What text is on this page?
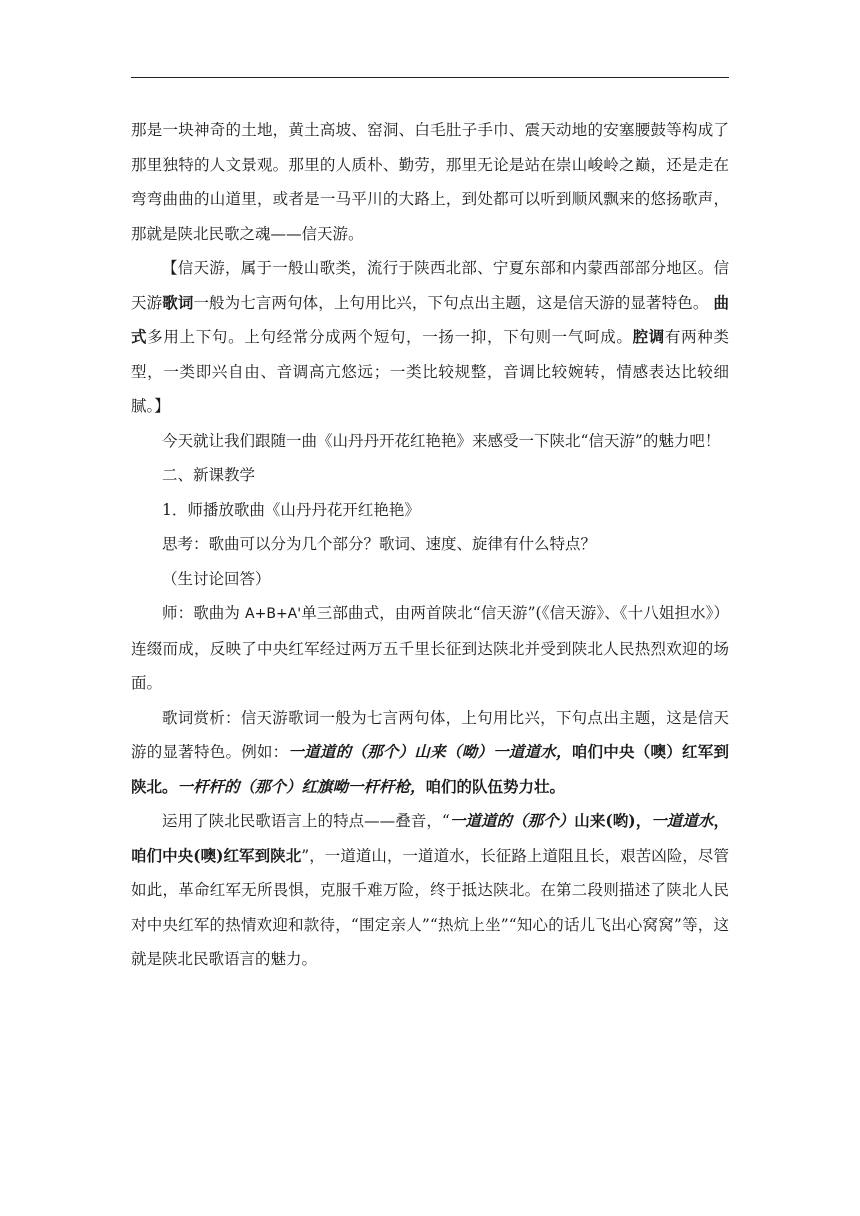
那是一块神奇的土地，黄土高坡、窑洞、白毛肚子手巾、震天动地的安塞腰鼓等构成了那里独特的人文景观。那里的人质朴、勤劳，那里无论是站在崇山峻岭之巅，还是走在弯弯曲曲的山道里，或者是一马平川的大路上，到处都可以听到顺风飘来的悠扬歌声，那就是陕北民歌之魂——信天游。

【信天游，属于一般山歌类，流行于陕西北部、宁夏东部和内蒙西部部分地区。信天游歌词一般为七言两句体，上句用比兴，下句点出主题，这是信天游的显著特色。 曲式多用上下句。上句经常分成两个短句，一扬一抑，下句则一气呵成。腔调有两种类型，一类即兴自由、音调高亢悠远；一类比较规整，音调比较婉转，情感表达比较细腻。】

今天就让我们跟随一曲《山丹丹开花红艳艳》来感受一下陕北“信天游”的魅力吧！

二、新课教学

1．师播放歌曲《山丹丹花开红艳艳》

思考：歌曲可以分为几个部分？歌词、速度、旋律有什么特点？

（生讨论回答）

师：歌曲为 A+B+A'单三部曲式，由两首陕北“信天游”(《信天游》、《十八姐担水》）连缀而成，反映了中央红军经过两万五千里长征到达陕北并受到陕北人民热烈欢迎的场面。

歌词赏析：信天游歌词一般为七言两句体，上句用比兴，下句点出主题，这是信天游的显著特色。例如：一道道的（那个）山来（呦）一道道水，咱们中央（噢）红军到陕北。一杆杆的（那个）红旗呦一杆杆枪，咱们的队伍势力壮。

运用了陕北民歌语言上的特点——叠音，“一道道的（那个）山来(哟)，一道道水，咱们中央(噢)红军到陕北”，一道道山，一道道水，长征路上道阻且长，艰苦凶险，尽管如此，革命红军无所畏惧，克服千难万险，终于抵达陕北。在第二段则描述了陕北人民对中央红军的热情欢迎和款待，“围定亲人”“热炕上坐”“知心的话儿飞出心窝窝”等，这就是陕北民歌语言的魅力。
